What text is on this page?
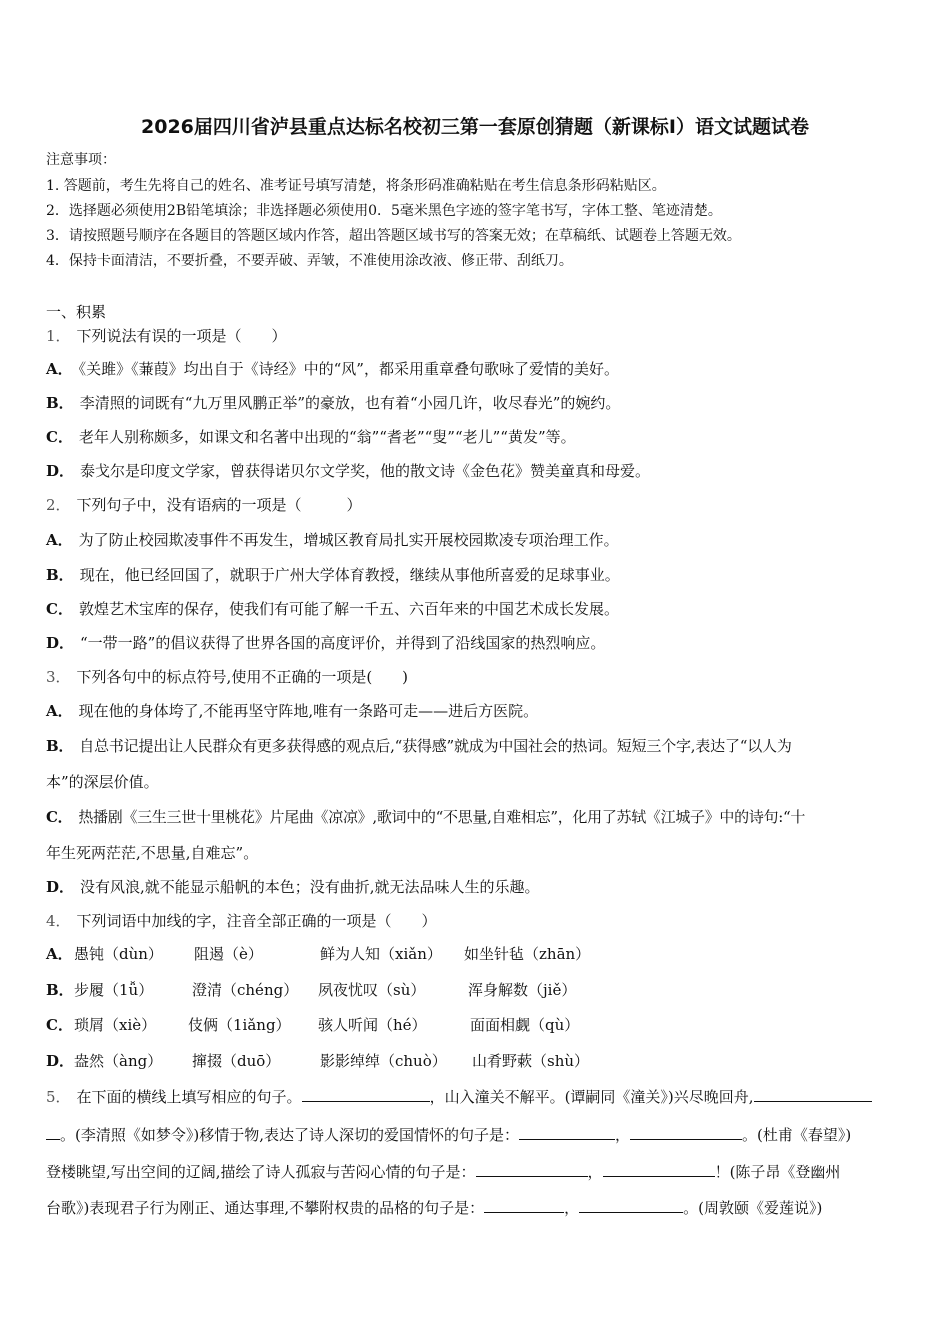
2026届四川省泸县重点达标名校初三第一套原创猜题（新课标Ⅰ）语文试题试卷
注意事项：
1. 答题前，考生先将自己的姓名、准考证号填写清楚，将条形码准确粘贴在考生信息条形码粘贴区。
2．选择题必须使用2B铅笔填涂；非选择题必须使用0．5毫米黑色字迹的签字笔书写，字体工整、笔迹清楚。
3．请按照题号顺序在各题目的答题区域内作答，超出答题区域书写的答案无效；在草稿纸、试题卷上答题无效。
4．保持卡面清洁，不要折叠，不要弄破、弄皱，不准使用涂改液、修正带、刮纸刀。
一、积累
1． 下列说法有误的一项是（　　）
A． 《关雎》《蒹葭》均出自于《诗经》中的“风”，都采用重章叠句歌咏了爱情的美好。
B． 李清照的词既有“九万里风鹏正举”的豪放，也有着“小园几许，收尽春光”的婉约。
C． 老年人别称颇多，如课文和名著中出现的“翁”“耆老”“叟”“老儿”“黄发”等。
D． 泰戈尔是印度文学家，曾获得诺贝尔文学奖，他的散文诗《金色花》赞美童真和母爱。
2． 下列句子中，没有语病的一项是（　　　）
A． 为了防止校园欺凌事件不再发生，增城区教育局扎实开展校园欺凌专项治理工作。
B． 现在，他已经回国了，就职于广州大学体育教授，继续从事他所喜爱的足球事业。
C． 敦煌艺术宝库的保存，使我们有可能了解一千五、六百年来的中国艺术成长发展。
D． “一带一路”的倡议获得了世界各国的高度评价，并得到了沿线国家的热烈响应。
3． 下列各句中的标点符号,使用不正确的一项是(　　)
A． 现在他的身体垮了,不能再坚守阵地,唯有一条路可走——进后方医院。
B． 自总书记提出让人民群众有更多获得感的观点后,“获得感”就成为中国社会的热词。短短三个字,表达了“以人为
本”的深层价值。
C． 热播剧《三生三世十里桃花》片尾曲《凉凉》,歌词中的“不思量,自难相忘”，化用了苏轼《江城子》中的诗句:“十
年生死两茫茫,不思量,自难忘”。
D． 没有风浪,就不能显示船帆的本色；没有曲折,就无法品味人生的乐趣。
4． 下列词语中加线的字，注音全部正确的一项是（　　）
A． 愚钝（dùn） 阻遏（è）	鲜为人知（xiǎn） 如坐针毡（zhān）
B． 步履（1ǚ）	澄清（chéng） 夙夜忧叹（sù）	浑身解数（jiě）
C． 琐屑（xiè） 伎俩（1iǎng） 骇人听闻（hé）	面面相觑（qù）
D． 盎然（àng） 撺掇（duō）	影影绰绰（chuò） 山肴野蔌（shù）
5． 在下面的横线上填写相应的句子。	，山入潼关不解平。(谭嗣同《潼关》)兴尽晚回舟,
。(李清照《如梦令》)移情于物,表达了诗人深切的爱国情怀的句子是：	，	。(杜甫《春望》)
登楼眺望,写出空间的辽阔,描绘了诗人孤寂与苦闷心情的句子是：	，	！(陈子昂《登幽州
台歌》)表现君子行为刚正、通达事理,不攀附权贵的品格的句子是：	，	。(周敦颐《爱莲说》)
